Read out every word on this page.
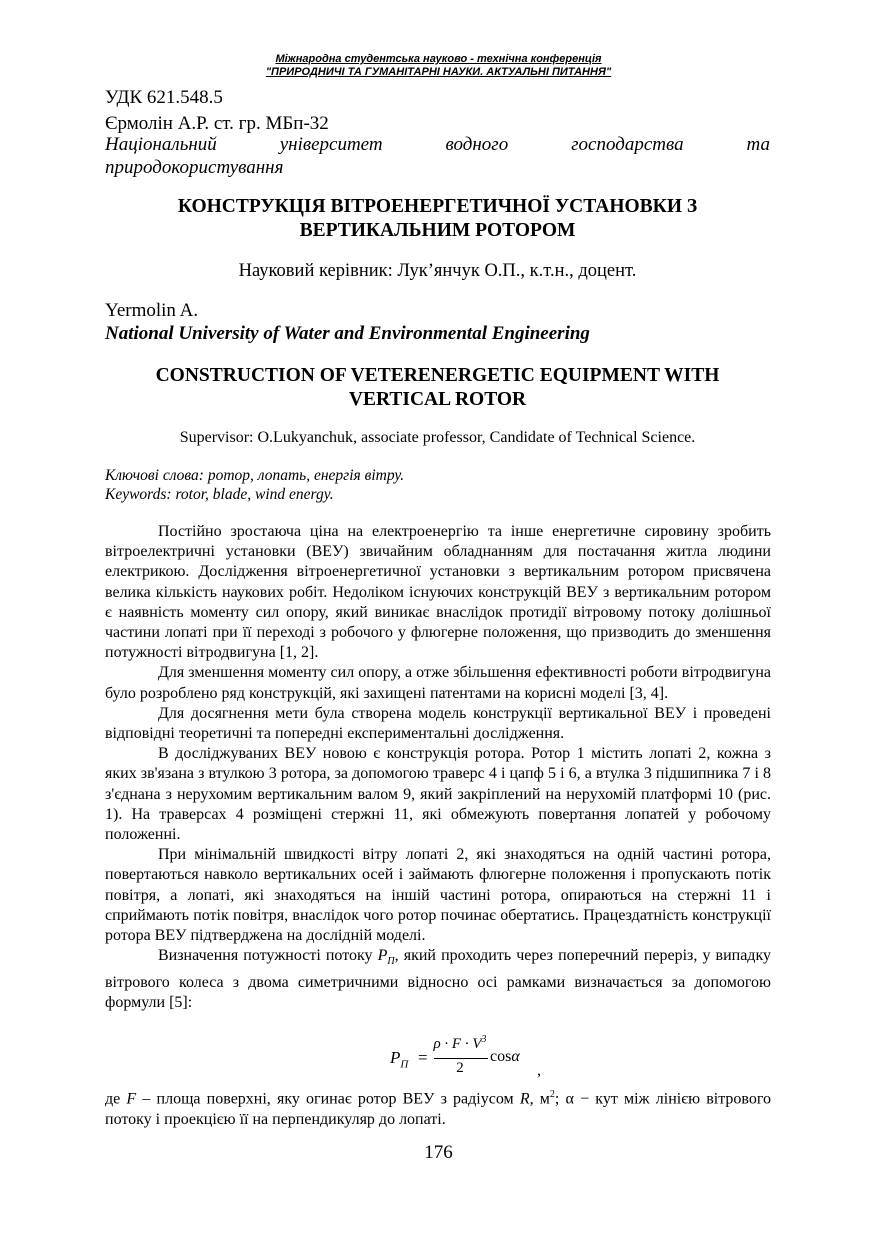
Міжнародна студентська науково - технічна конференція
"ПРИРОДНИЧІ ТА ГУМАНІТАРНІ НАУКИ. АКТУАЛЬНІ ПИТАННЯ"
УДК 621.548.5
Єрмолін А.Р. ст. гр. МБп-32
Національний університет водного господарства та
природокористування
КОНСТРУКЦІЯ ВІТРОЕНЕРГЕТИЧНОЇ УСТАНОВКИ З
ВЕРТИКАЛЬНИМ РОТОРОМ
Науковий керівник: Лук’янчук О.П., к.т.н., доцент.
Yermolin A.
National University of Water and Environmental Engineering
CONSTRUCTION OF VETERENERGETIC EQUIPMENT WITH
VERTICAL ROTOR
Supervisor: O.Lukyanchuk, associate professor, Candidate of Technical Science.
Ключові слова: ротор, лопать, енергія вітру.
Keywords: rotor, blade, wind energy.

Постійно зростаюча ціна на електроенергію та інше енергетичне сировину зробить вітроелектричні установки (ВЕУ) звичайним обладнанням для постачання житла людини електрикою. Дослідження вітроенергетичної установки з вертикальним ротором присвячена велика кількість наукових робіт. Недоліком існуючих конструкцій ВЕУ з вертикальним ротором є наявність моменту сил опору, який виникає внаслідок протидії вітровому потоку долішньої частини лопаті при її переході з робочого у флюгерне положення, що призводить до зменшення потужності вітродвигуна [1, 2].

Для зменшення моменту сил опору, а отже збільшення ефективності роботи вітродвигуна було розроблено ряд конструкцій, які захищені патентами на корисні моделі [3, 4].

Для досягнення мети була створена модель конструкції вертикальної ВЕУ і проведені відповідні теоретичні та попередні експериментальні дослідження.

В досліджуваних ВЕУ новою є конструкція ротора. Ротор 1 містить лопаті 2, кожна з яких зв'язана з втулкою 3 ротора, за допомогою траверс 4 і цапф 5 і 6, а втулка 3 підшипника 7 і 8 з'єднана з нерухомим вертикальним валом 9, який закріплений на нерухомій платформі 10 (рис. 1). На траверсах 4 розміщені стержні 11, які обмежують повертання лопатей у робочому положенні.

При мінімальній швидкості вітру лопаті 2, які знаходяться на одній частині ротора, повертаються навколо вертикальних осей і займають флюгерне положення і пропускають потік повітря, а лопаті, які знаходяться на іншій частині ротора, опираються на стержні 11 і сприймають потік повітря, внаслідок чого ротор починає обертатись. Працездатність конструкції ротора ВЕУ підтверджена на дослідній моделі.

Визначення потужності потоку $P_П$, який проходить через поперечний переріз, у випадку вітрового колеса з двома симетричними відносно осі рамками визначається за допомогою формули [5]:

$P_П$ =
$\rho \cdot F \cdot V^3$
2
cosα
,

де F – площа поверхні, яку огинає ротор ВЕУ з радіусом R, $м^2$; α − кут між лінією вітрового потоку і проекцією її на перпендикуляр до лопаті.

176
